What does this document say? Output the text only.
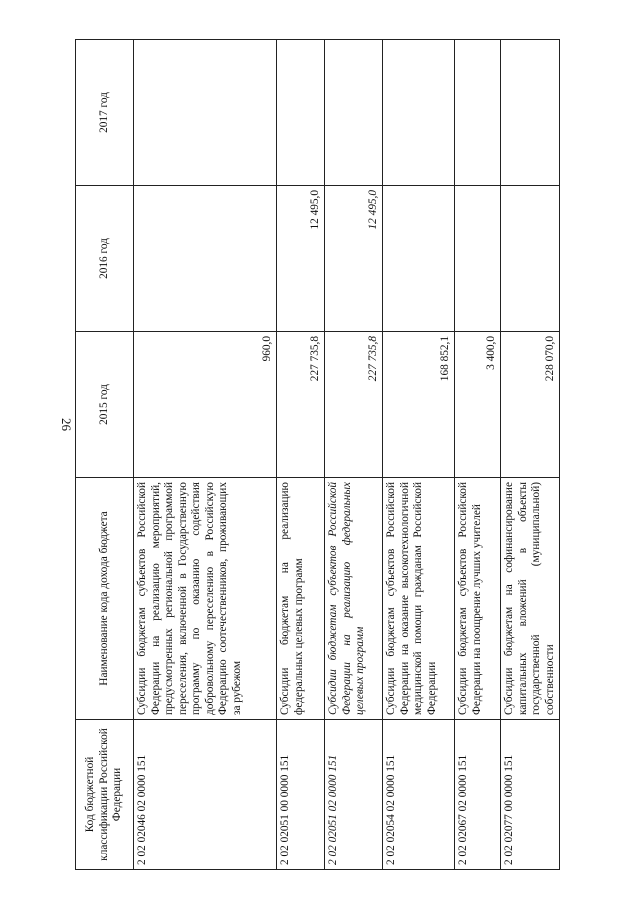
26
Код бюджетной классификации Российской Федерации	Наименование кода дохода бюджета	2015 год	2016 год	2017 год
2 02 02046 02 0000 151	Субсидии бюджетам субъектов Российской Федерации на реализацию мероприятий, предусмотренных региональной программой переселения, включенной в Государственную программу по оказанию содействия добровольному переселению в Российскую Федерацию соотечественников, проживающих за рубежом	960,0		
2 02 02051 00 0000 151	Субсидии бюджетам на реализацию федеральных целевых программ	227 735,8	12 495,0	
2 02 02051 02 0000 151	Субсидии бюджетам субъектов Российской Федерации на реализацию федеральных целевых программ	227 735,8	12 495,0	
2 02 02054 02 0000 151	Субсидии бюджетам субъектов Российской Федерации на оказание высокотехнологичной медицинской помощи гражданам Российской Федерации	168 852,1		
2 02 02067 02 0000 151	Субсидии бюджетам субъектов Российской Федерации на поощрение лучших учителей	3 400,0		
2 02 02077 00 0000 151	Субсидии бюджетам на софинансирование капитальных вложений в объекты государственной (муниципальной) собственности	228 070,0		
